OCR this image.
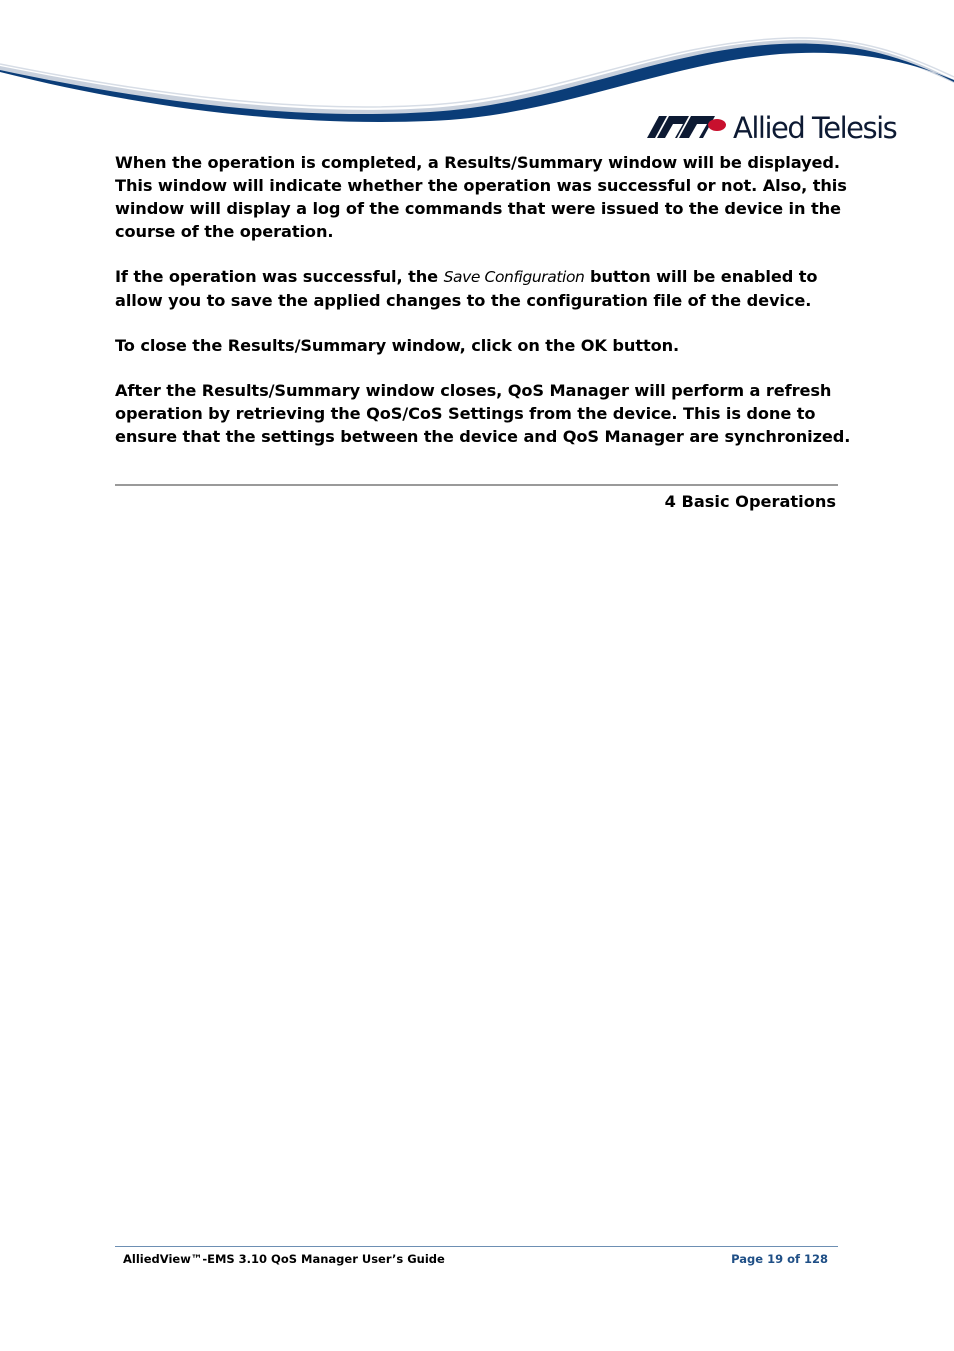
Allied Telesis

When the operation is completed, a Results/Summary window will be displayed. This window will indicate whether the operation was successful or not. Also, this window will display a log of the commands that were issued to the device in the course of the operation.

If the operation was successful, the Save Configuration button will be enabled to allow you to save the applied changes to the configuration file of the device.

To close the Results/Summary window, click on the OK button.

After the Results/Summary window closes, QoS Manager will perform a refresh operation by retrieving the QoS/CoS Settings from the device. This is done to ensure that the settings between the device and QoS Manager are synchronized.

4 Basic Operations
AlliedView™-EMS 3.10 QoS Manager User’s Guide	Page 19 of 128
